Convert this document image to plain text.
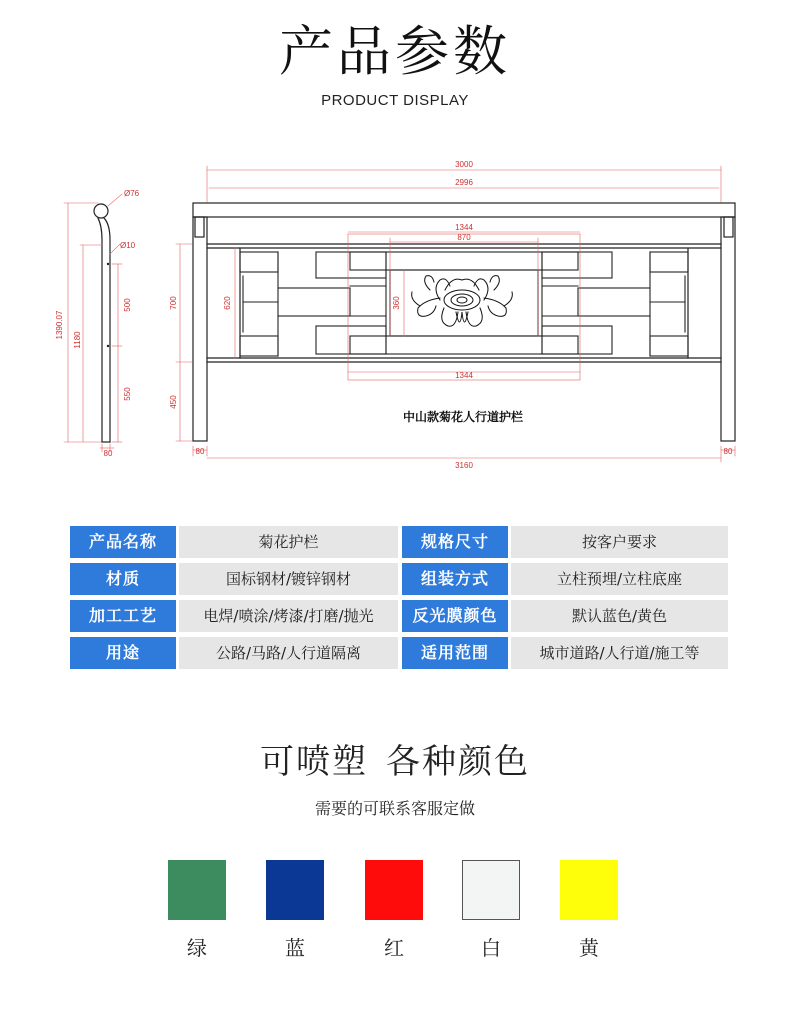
产品参数
PRODUCT DISPLAY
Ø76
Ø10
1390.07
1180
500
550
80
3000
2996
1344
870
1344
700	620	360
450
80
3160
80
中山款菊花人行道护栏
产品名称	菊花护栏	规格尺寸	按客户要求
材质	国标钢材/镀锌钢材	组装方式	立柱预埋/立柱底座
加工工艺	电焊/喷涂/烤漆/打磨/抛光	反光膜颜色	默认蓝色/黄色
用途	公路/马路/人行道隔离	适用范围	城市道路/人行道/施工等
可喷塑 各种颜色
需要的可联系客服定做
绿	蓝	红	白	黄
